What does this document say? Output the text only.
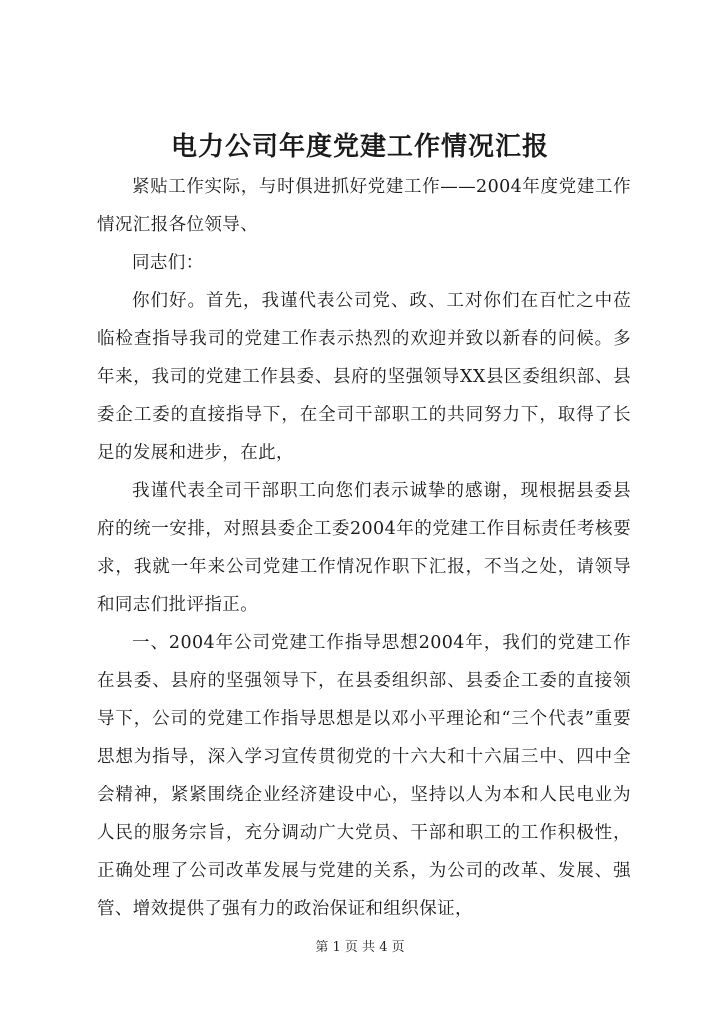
电力公司年度党建工作情况汇报

紧贴工作实际，与时俱进抓好党建工作——2004年度党建工作情况汇报各位领导、

同志们：

你们好。首先，我谨代表公司党、政、工对你们在百忙之中莅临检查指导我司的党建工作表示热烈的欢迎并致以新春的问候。多年来，我司的党建工作县委、县府的坚强领导XX县区委组织部、县委企工委的直接指导下，在全司干部职工的共同努力下，取得了长足的发展和进步，在此，

我谨代表全司干部职工向您们表示诚挚的感谢，现根据县委县府的统一安排，对照县委企工委2004年的党建工作目标责任考核要求，我就一年来公司党建工作情况作职下汇报，不当之处，请领导和同志们批评指正。

一、2004年公司党建工作指导思想2004年，我们的党建工作在县委、县府的坚强领导下，在县委组织部、县委企工委的直接领导下，公司的党建工作指导思想是以邓小平理论和“三个代表”重要思想为指导，深入学习宣传贯彻党的十六大和十六届三中、四中全会精神，紧紧围绕企业经济建设中心，坚持以人为本和人民电业为人民的服务宗旨，充分调动广大党员、干部和职工的工作积极性，正确处理了公司改革发展与党建的关系，为公司的改革、发展、强管、增效提供了强有力的政治保证和组织保证，

第 1 页 共 4 页
